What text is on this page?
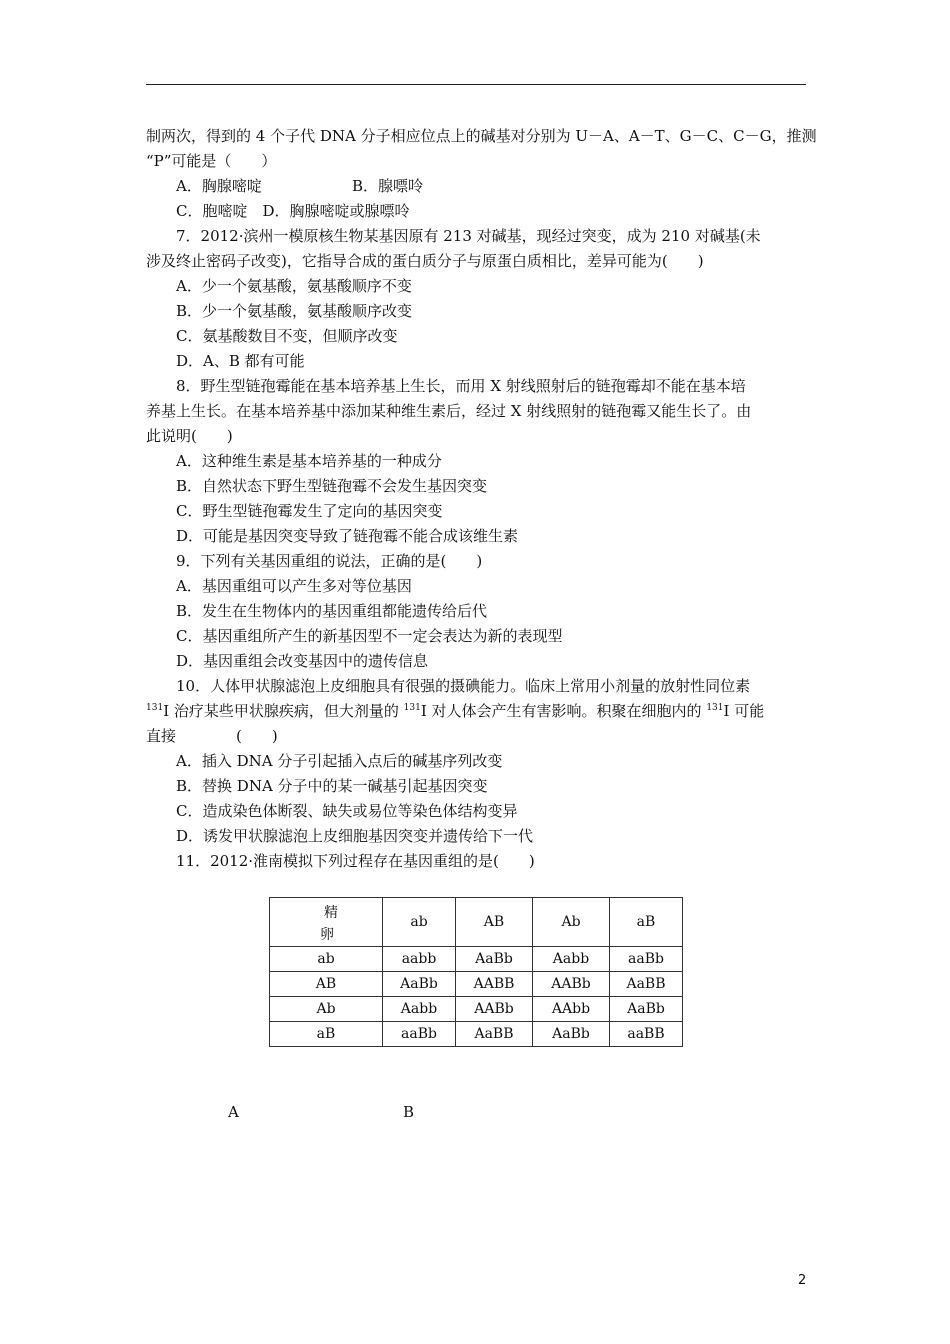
制两次，得到的 4 个子代 DNA 分子相应位点上的碱基对分别为 U－A、A－T、G－C、C－G，推测
“P”可能是（　　）
A．胸腺嘧啶	B．腺嘌呤
C．胞嘧啶　D．胸腺嘧啶或腺嘌呤
7．2012·滨州一模原核生物某基因原有 213 对碱基，现经过突变，成为 210 对碱基(未
涉及终止密码子改变)，它指导合成的蛋白质分子与原蛋白质相比，差异可能为(　　)
A．少一个氨基酸，氨基酸顺序不变
B．少一个氨基酸，氨基酸顺序改变
C．氨基酸数目不变，但顺序改变
D．A、B 都有可能
8．野生型链孢霉能在基本培养基上生长，而用 X 射线照射后的链孢霉却不能在基本培
养基上生长。在基本培养基中添加某种维生素后，经过 X 射线照射的链孢霉又能生长了。由
此说明(　　)
A．这种维生素是基本培养基的一种成分
B．自然状态下野生型链孢霉不会发生基因突变
C．野生型链孢霉发生了定向的基因突变
D．可能是基因突变导致了链孢霉不能合成该维生素
9．下列有关基因重组的说法，正确的是(　　)
A．基因重组可以产生多对等位基因
B．发生在生物体内的基因重组都能遗传给后代
C．基因重组所产生的新基因型不一定会表达为新的表现型
D．基因重组会改变基因中的遗传信息
10．人体甲状腺滤泡上皮细胞具有很强的摄碘能力。临床上常用小剂量的放射性同位素
$^{131}$I 治疗某些甲状腺疾病，但大剂量的 $^{131}$I 对人体会产生有害影响。积聚在细胞内的 $^{131}$I 可能
直接　　　　(　　)
A．插入 DNA 分子引起插入点后的碱基序列改变
B．替换 DNA 分子中的某一碱基引起基因突变
C．造成染色体断裂、缺失或易位等染色体结构变异
D．诱发甲状腺滤泡上皮细胞基因突变并遗传给下一代
11．2012·淮南模拟下列过程存在基因重组的是(　　)
精
卵	ab	AB	Ab	aB
ab	aabb	AaBb	Aabb	aaBb
AB	AaBb	AABB	AABb	AaBB
Ab	Aabb	AABb	AAbb	AaBb
aB	aaBb	AaBB	AaBb	aaBB
A	B
2
